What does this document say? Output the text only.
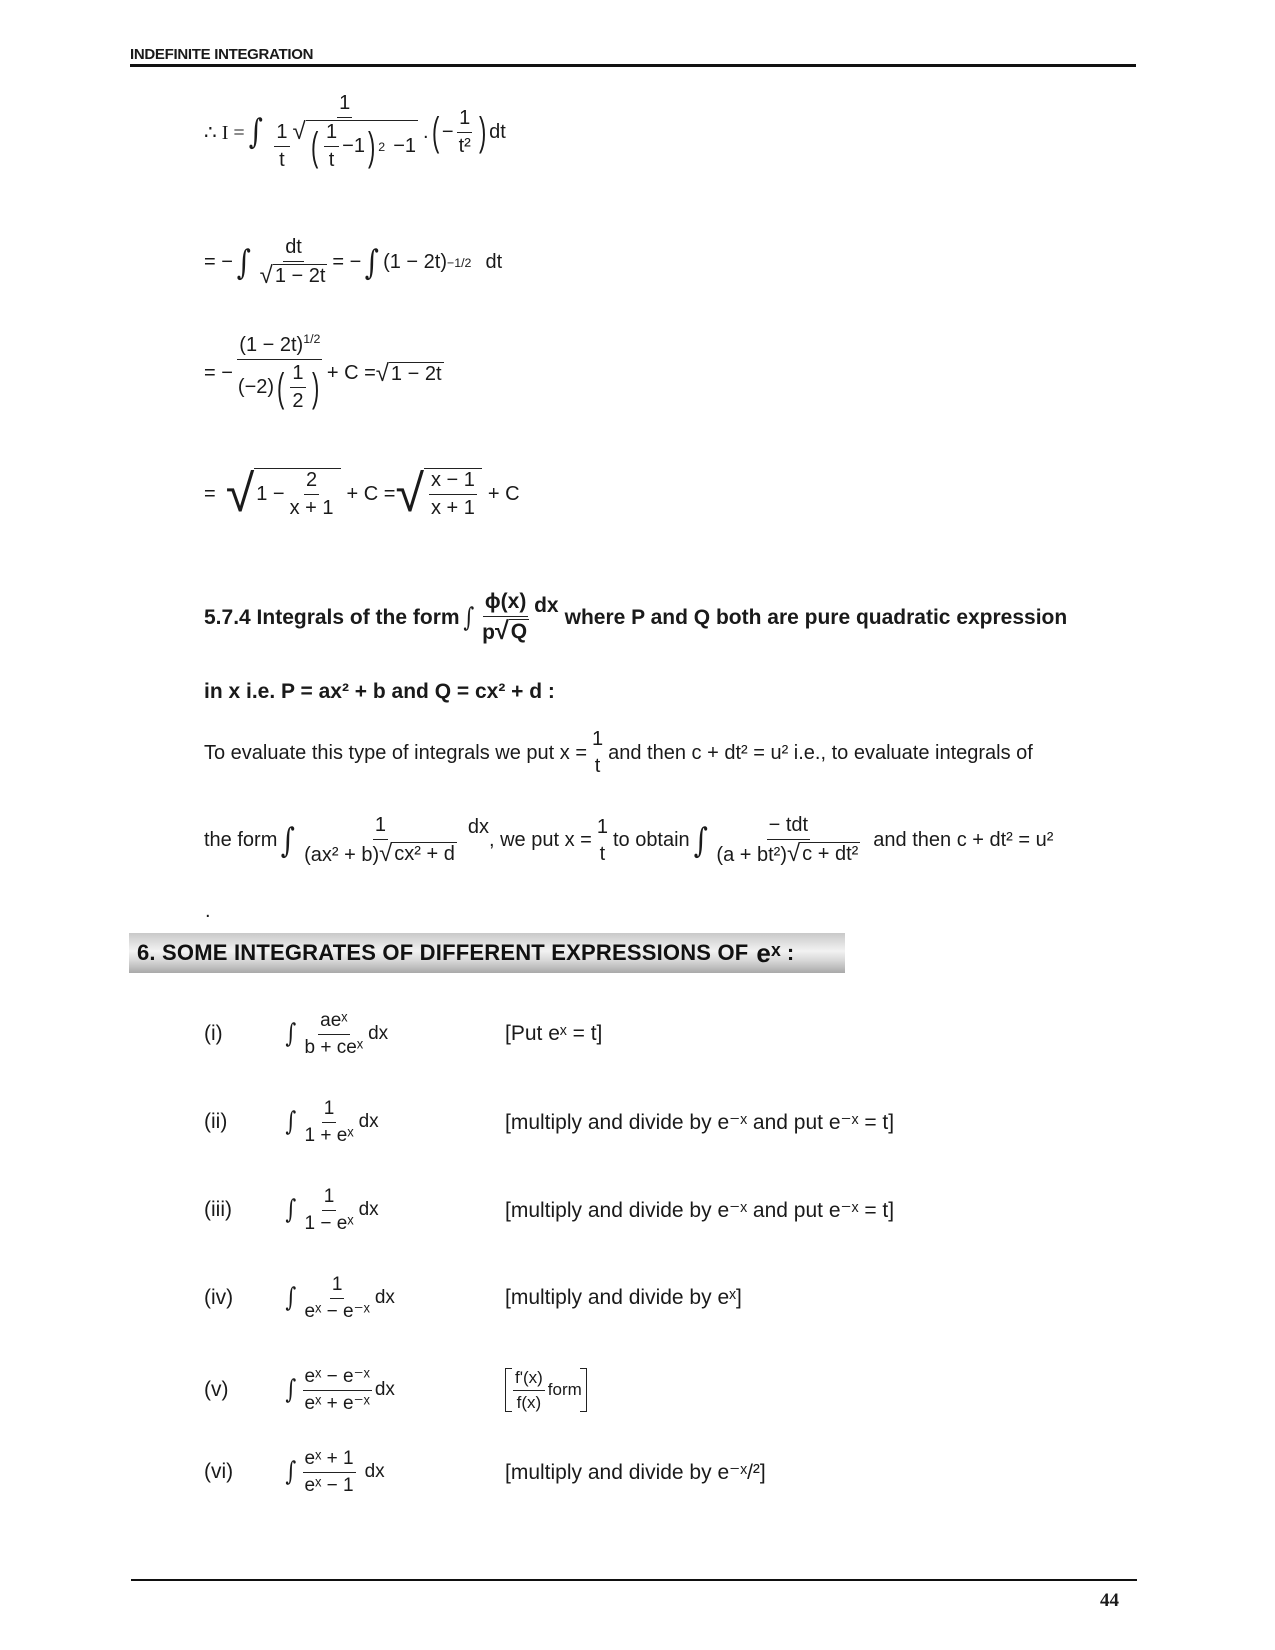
INDEFINITE INTEGRATION
∴ I = ∫
1
$\frac{1}{t}$ √ ( $\frac{1}{t} -1$ ) 2 −1
. ( − $\frac{1}{\text{t²}}$ ) dt
= − ∫ $\frac{dt}{√ 1 - 2t}$ = − ∫ (1 − 2t) −1/2 dt
= − $\frac{(1 - 2t)^{1/2}}{(-2) ( \frac{1}{2} )} + C$ = √ 1 − 2t
= √ $1 - \frac{2}{x + 1} + C$ = √ $\frac{x - 1}{x + 1} + C$
5.7.4 Integrals of the form ∫ $\frac{\phi(x)}{p √ Q}$ dx
where P and Q both are pure quadratic expression
in x i.e. P = ax² + b and Q = cx² + d :
To evaluate this type of integrals we put x =
1
t
and then c + dt² = u² i.e., to evaluate integrals of
the form ∫ $\frac{1}{\text{(ax² + b) √ cx² + d}}$ dx
, we put x =
1
t
to obtain ∫ $\frac{\text{− tdt}}{\text{(a + bt²) √ c + dt²}}$ and then c + dt² = u²
.
6. SOME INTEGRATES OF DIFFERENT EXPRESSIONS OF eˣ :
(i)	∫ $\frac{\text{aeˣ}}{\text{b + ceˣ}}$ dx	[Put eˣ = t]
(ii)	∫ $\frac{1}{\text{1 + eˣ}}$ dx	[multiply and divide by e⁻ˣ and put e⁻ˣ = t]
(iii)	∫ $\frac{1}{\text{1 − eˣ}}$ dx	[multiply and divide by e⁻ˣ and put e⁻ˣ = t]
(iv)	∫ $\frac{1}{\text{eˣ − e⁻ˣ}}$ dx	[multiply and divide by eˣ]
(v)	∫ $\frac{\text{eˣ − e⁻ˣ}}{\text{eˣ + e⁻ˣ}}$ dx	$\frac{f'(x)}{f(x)}$ form
(vi)	∫ $\frac{\text{eˣ + 1}}{\text{eˣ − 1}}$ dx	[multiply and divide by e⁻ˣ/²]
44
